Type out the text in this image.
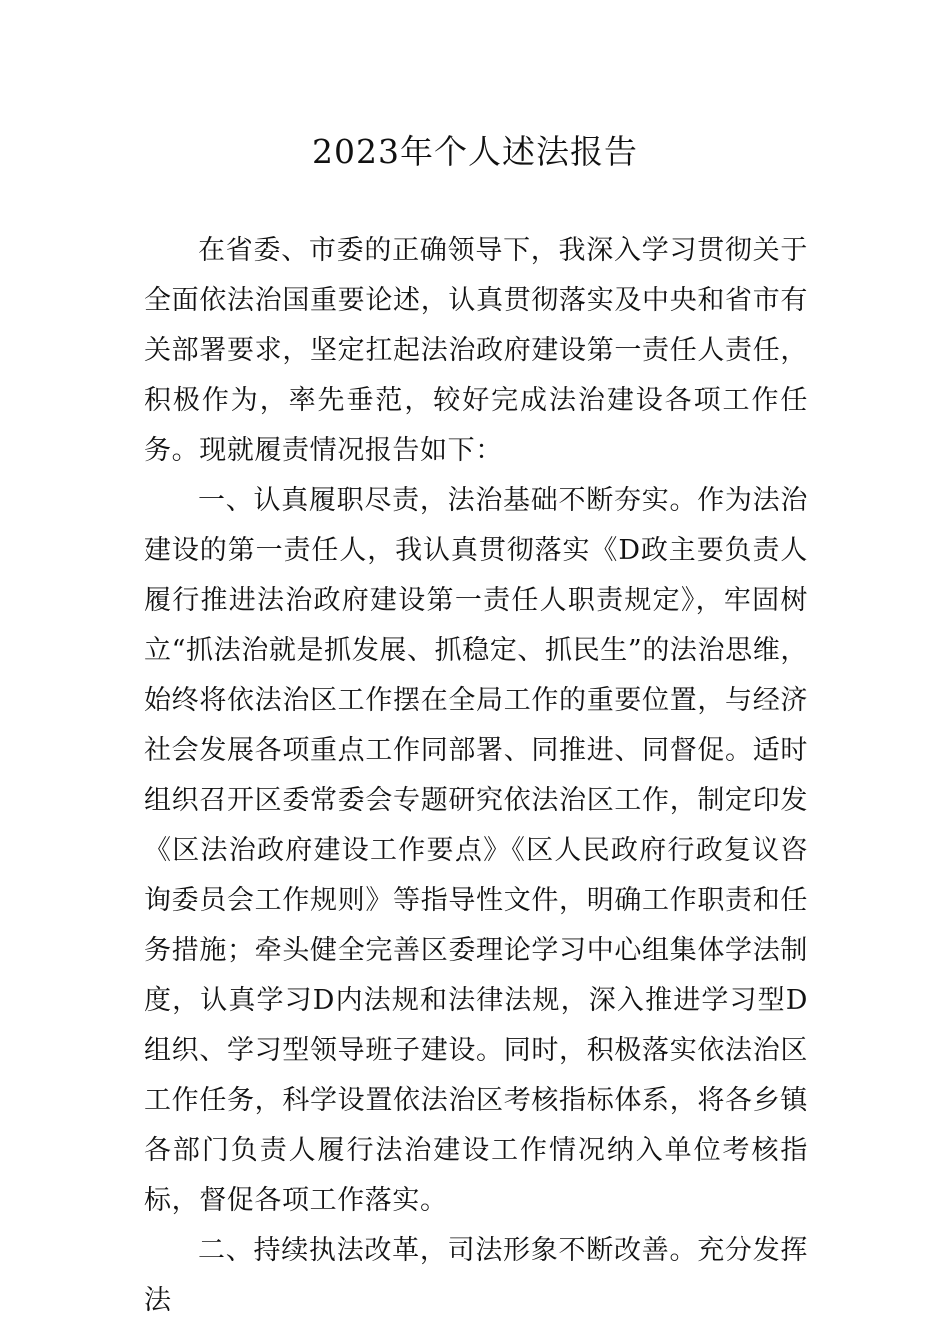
2023年个人述法报告

在省委、市委的正确领导下，我深入学习贯彻关于全面依法治国重要论述，认真贯彻落实及中央和省市有关部署要求，坚定扛起法治政府建设第一责任人责任，积极作为，率先垂范，较好完成法治建设各项工作任务。现就履责情况报告如下：

一、认真履职尽责，法治基础不断夯实。作为法治建设的第一责任人，我认真贯彻落实《D政主要负责人履行推进法治政府建设第一责任人职责规定》，牢固树立“抓法治就是抓发展、抓稳定、抓民生”的法治思维，始终将依法治区工作摆在全局工作的重要位置，与经济社会发展各项重点工作同部署、同推进、同督促。适时组织召开区委常委会专题研究依法治区工作，制定印发《区法治政府建设工作要点》《区人民政府行政复议咨询委员会工作规则》等指导性文件，明确工作职责和任务措施；牵头健全完善区委理论学习中心组集体学法制度，认真学习D内法规和法律法规，深入推进学习型D组织、学习型领导班子建设。同时，积极落实依法治区工作任务，科学设置依法治区考核指标体系，将各乡镇各部门负责人履行法治建设工作情况纳入单位考核指标，督促各项工作落实。

二、持续执法改革，司法形象不断改善。充分发挥法
